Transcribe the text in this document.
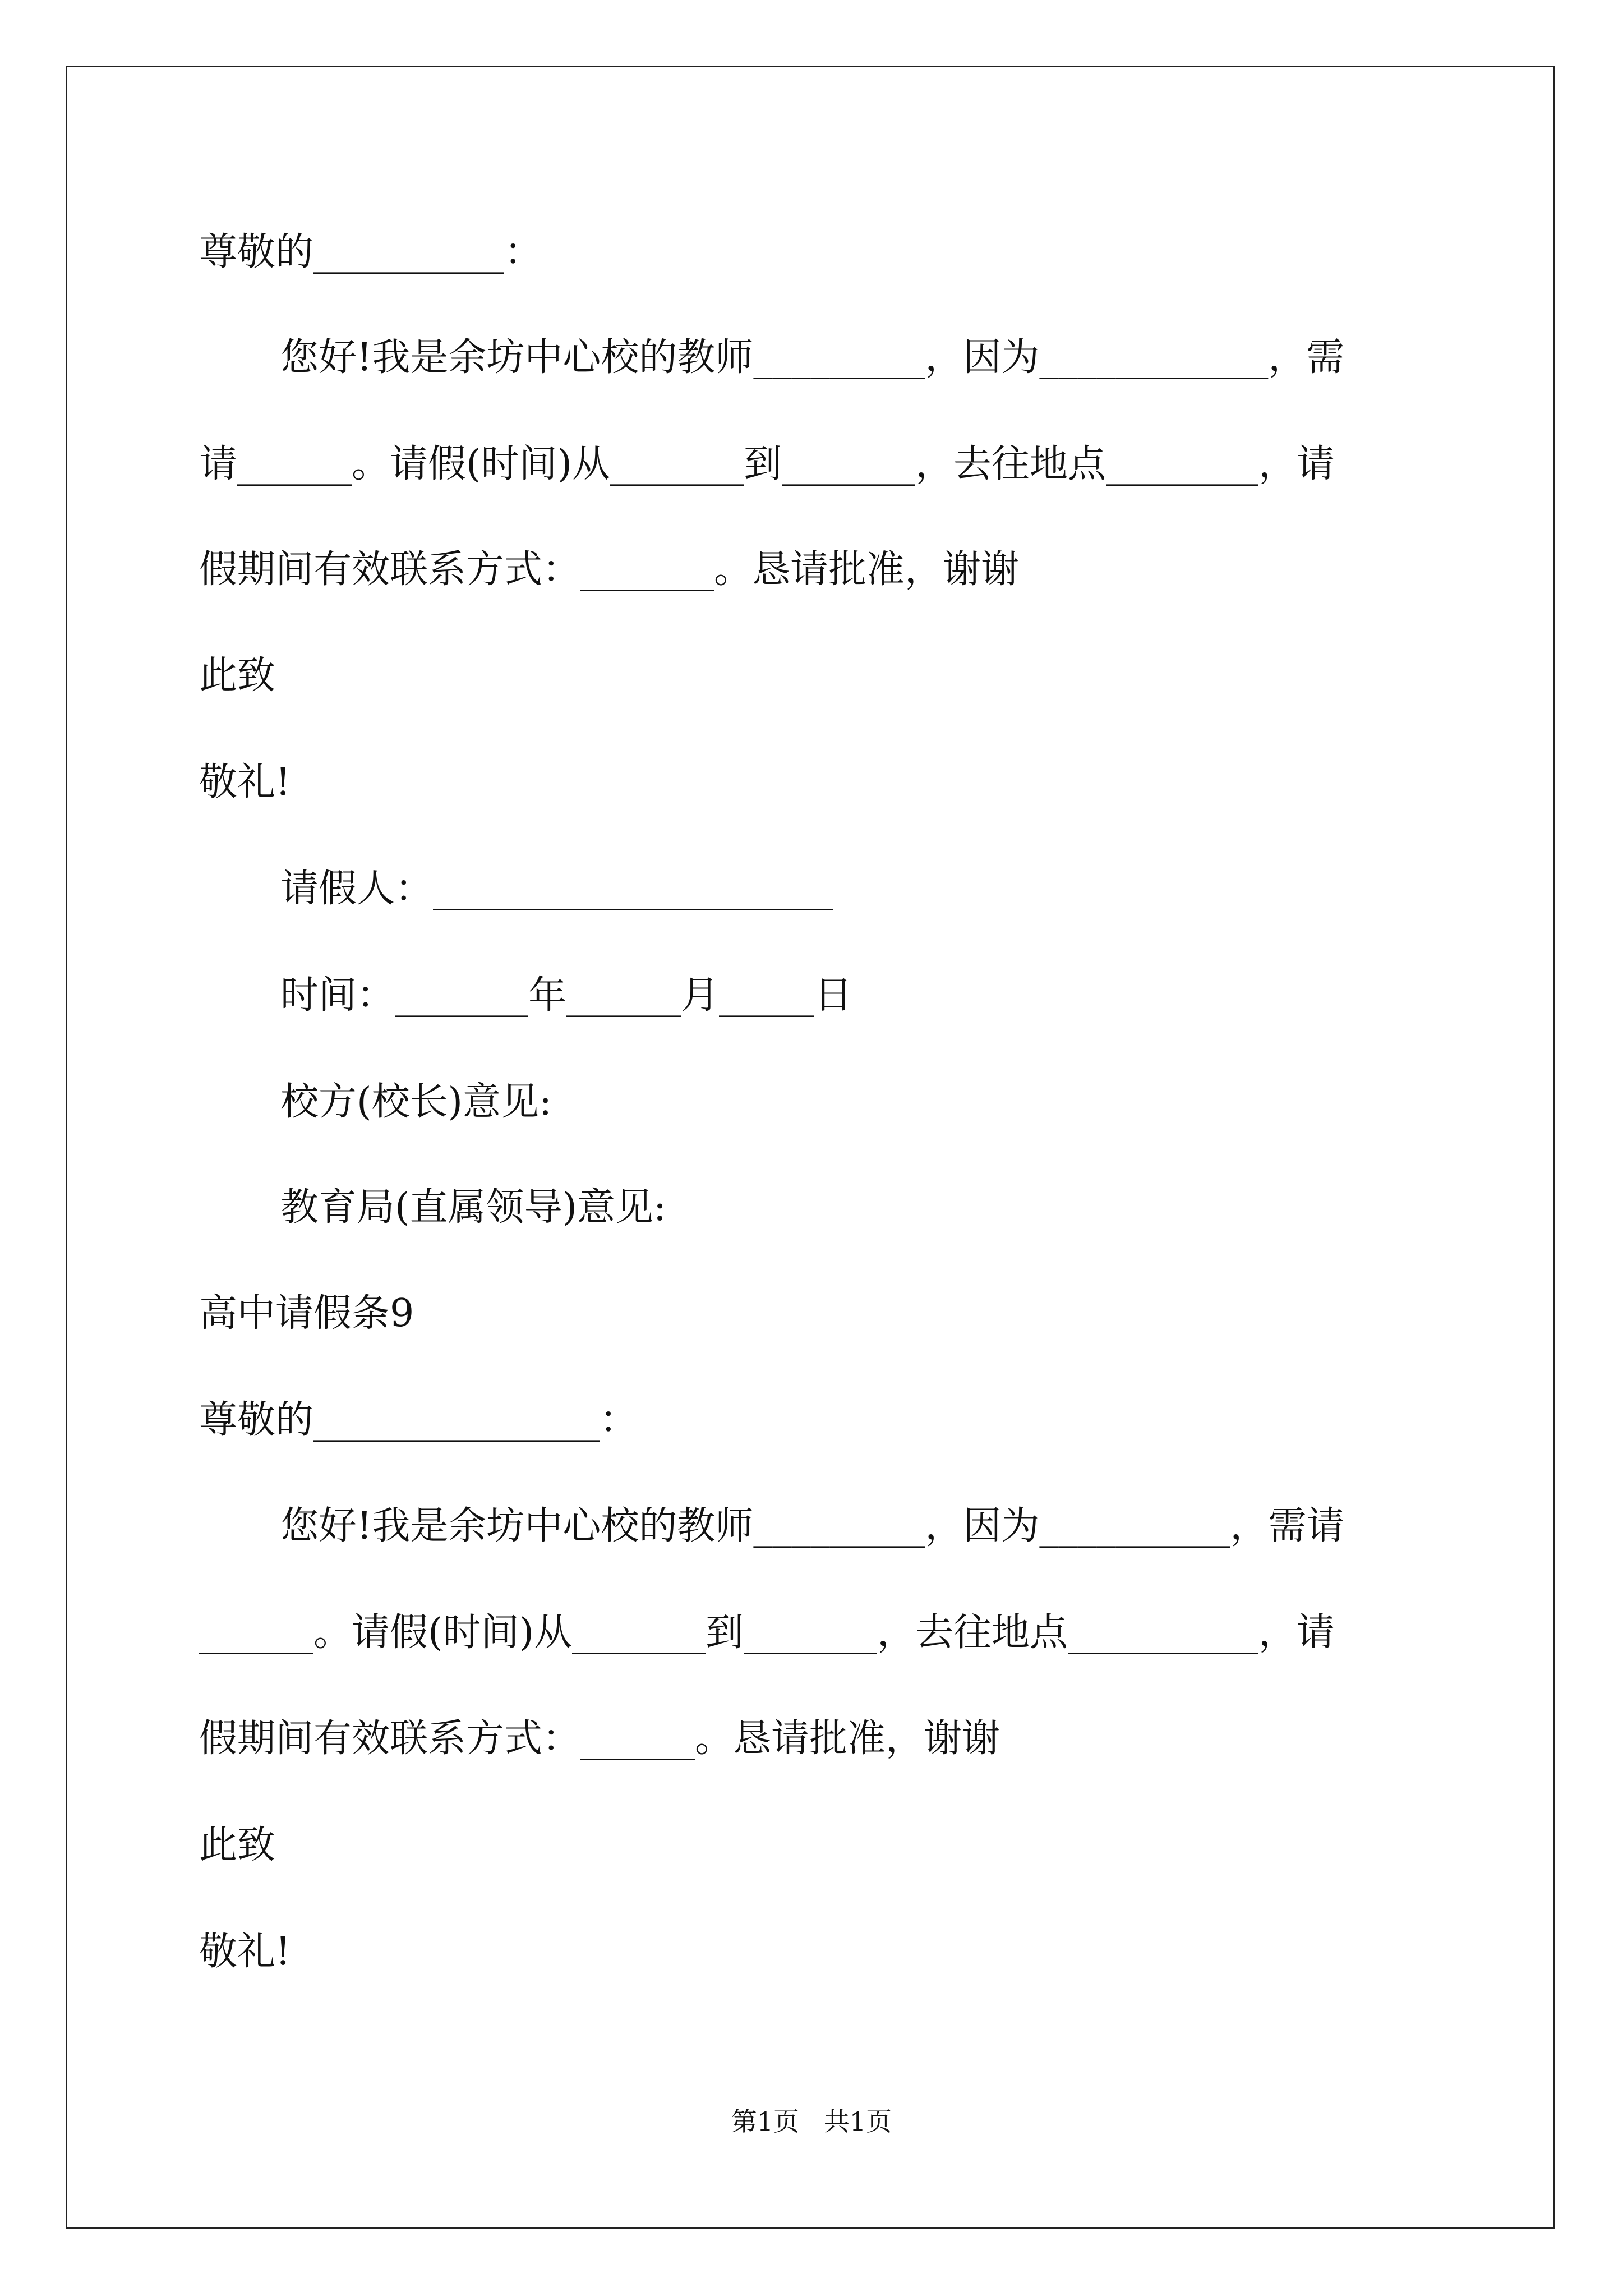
尊敬的__________：

您好!我是余坊中心校的教师_________，因为____________，需

请______。请假(时间)从_______到_______，去往地点________，请

假期间有效联系方式：_______。恳请批准，谢谢

此致

敬礼!

请假人：_____________________

时间：_______年______月_____日

校方(校长)意见:

教育局(直属领导)意见:

高中请假条9

尊敬的_______________：

您好!我是余坊中心校的教师_________，因为__________，需请

______。请假(时间)从_______到_______，去往地点__________，请

假期间有效联系方式：______。恳请批准，谢谢

此致

敬礼!

第1页   共1页
